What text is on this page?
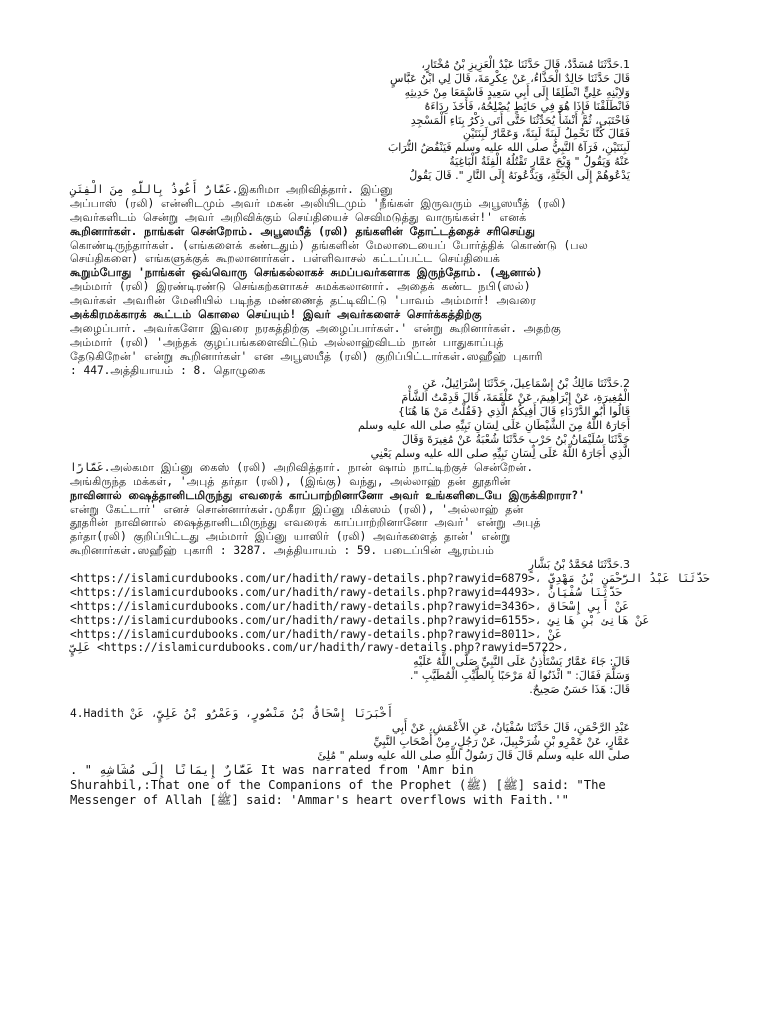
1.حَدَّثَنَا مُسَدَّدٌ، قَالَ حَدَّثَنَا عَبْدُ الْعَزِيزِ بْنُ مُخْتَارٍ،
قَالَ حَدَّثَنَا خَالِدٌ الْحَذَّاءُ، عَنْ عِكْرِمَةَ، قَالَ لِي ابْنُ عَبَّاسٍ
وَلاِبْنِهِ عَلِيٍّ انْطَلِقَا إِلَى أَبِي سَعِيدٍ فَاسْمَعَا مِنْ حَدِيثِهِ
فَانْطَلَقْنَا فَإِذَا هُوَ فِي حَائِطٍ يُصْلِحُهُ، فَأَخَذَ رِدَاءَهُ
فَاحْتَبَى، ثُمَّ أَنْشَأَ يُحَدِّثُنَا حَتَّى أَتَى ذِكْرُ بِنَاءِ الْمَسْجِدِ
فَقَالَ كُنَّا نَحْمِلُ لَبِنَةً لَبِنَةً، وَعَمَّارٌ لَبِنَتَيْنِ
لَبِنَتَيْنِ، فَرَآهُ النَّبِيُّ صلى الله عليه وسلم فَيَنْفُضُ التُّرَابَ
عَنْهُ وَيَقُولُ " وَيْحَ عَمَّارٍ تَقْتُلُهُ الْفِئَةُ الْبَاغِيَةُ
يَدْعُوهُمْ إِلَى الْجَنَّةِ، وَيَدْعُونَهُ إِلَى النَّارِ ". قَالَ يَقُولُ
عَمَّارٌ أَعُوذُ بِاللَّهِ مِنَ الْفِتَنِ.இகரிமா அறிவித்தார். இப்னு
அப்பாஸ் (ரலி) என்னிடமும் அவர் மகன் அலியிடமும் 'நீங்கள் இருவரும் அபூஸயீத் (ரலி)
அவர்களிடம் சென்று அவர் அறிவிக்கும் செய்தியைச் செவிமடுத்து வாருங்கள்!' எனக்
கூறினார்கள். நாங்கள் சென்றோம். அபூஸயீத் (ரலி) தங்களின் தோட்டத்தைச் சரிசெய்து
கொண்டிருந்தார்கள். (எங்களைக் கண்டதும்) தங்களின் மேலாடையைப் போர்த்திக் கொண்டு (பல
செய்திகளை) எங்களுக்குக் கூறலானார்கள். பள்ளிவாசல் கட்டப்பட்ட செய்தியைக்
கூறும்போது 'நாங்கள் ஒவ்வொரு செங்கல்லாகச் சுமப்பவர்களாக இருந்தோம். (ஆனால்)
அம்மார் (ரலி) இரண்டிரண்டு செங்கற்களாகச் சுமக்கலானார். அதைக் கண்ட நபி(ஸல்)
அவர்கள் அவரின் மேனியில் படிந்த மண்ணைத் தட்டிவிட்டு 'பாவம் அம்மார்! அவரை
அக்கிரமக்காரக் கூட்டம் கொலை செய்யும்! இவர் அவர்களைச் சொர்க்கத்திற்கு
அழைப்பார். அவர்களோ இவரை நரகத்திற்கு அழைப்பார்கள்.' என்று கூறினார்கள். அதற்கு
அம்மார் (ரலி) 'அந்தக் குழப்பங்களைவிட்டும் அல்லாஹ்விடம் நான் பாதுகாப்புத்
தேடுகிறேன்' என்று கூறினார்கள்' என அபூஸயீத் (ரலி) குறிப்பிட்டார்கள்.ஸஹீஹ் புகாரி
: 447.அத்தியாயம் : 8. தொழுகை
2.حَدَّثَنَا مَالِكُ بْنُ إِسْمَاعِيلَ، حَدَّثَنَا إِسْرَائِيلُ، عَنِ
الْمُغِيرَةِ، عَنْ إِبْرَاهِيمَ، عَنْ عَلْقَمَةَ، قَالَ قَدِمْتُ الشَّأْمَ
قَالُوا أَبُو الدَّرْدَاءِ قَالَ أَفِيكُمُ الَّذِي {فَقُلْتُ مَنْ هَا هُنَا}
أَجَارَهُ اللَّهُ مِنَ الشَّيْطَانِ عَلَى لِسَانِ نَبِيِّهِ صلى الله عليه وسلم
حَدَّثَنَا سُلَيْمَانُ بْنُ حَرْبٍ حَدَّثَنَا شُعْبَةُ عَنْ مُغِيرَةَ وَقَالَ
الَّذِي أَجَارَهُ اللَّهُ عَلَى لِسَانِ نَبِيِّهِ صلى الله عليه وسلم يَعْنِي
عَمَّارًا.அல்கமா இப்னு கைஸ் (ரலி) அறிவித்தார். நான் ஷாம் நாட்டிற்குச் சென்றேன்.
அங்கிருந்த மக்கள், 'அபுத் தர்தா (ரலி), (இங்கு) வந்து, அல்லாஹ் தன் தூதரின்
நாவினால் ஷைத்தானிடமிருந்து எவரைக் காப்பாற்றினானோ அவர் உங்களிடையே இருக்கிறாரா?'
என்று கேட்டார்' எனச் சொன்னார்கள்.முகீரா இப்னு மிக்ஸம் (ரலி), 'அல்லாஹ் தன்
தூதரின் நாவினால் ஷைத்தானிடமிருந்து எவரைக் காப்பாற்றினானோ அவர்' என்று அபுத்
தர்தா(ரலி) குறிப்பிட்டது அம்மார் இப்னு யாஸிர் (ரலி) அவர்களைத் தான்' என்று
கூறினார்கள்.ஸஹீஹ் புகாரி : 3287. அத்தியாயம் : 59. படைப்பின் ஆரம்பம்
3.حَدَّثَنَا مُحَمَّدُ بْنُ بَشَّارٍ
<https://islamicurdubooks.com/ur/hadith/rawy-details.php?rawyid=6879>، حَدَّثَنَا عَبْدُ الرَّحْمَنِ بْنُ مَهْدِيٍّ
<https://islamicurdubooks.com/ur/hadith/rawy-details.php?rawyid=4493>، حَدَّثَنَا سُفْيَانُ
<https://islamicurdubooks.com/ur/hadith/rawy-details.php?rawyid=3436>، عَنْ أَبِي إِسْحَاق
<https://islamicurdubooks.com/ur/hadith/rawy-details.php?rawyid=6155>، عَنْ هَانِئِ بْنِ هَانِئٍ
<https://islamicurdubooks.com/ur/hadith/rawy-details.php?rawyid=8011>، عَنْ
عَلِيٍّ <https://islamicurdubooks.com/ur/hadith/rawy-details.php?rawyid=5722>،
قَالَ: جَاءَ عَمَّارٌ يَسْتَأْذِنُ عَلَى النَّبِيِّ صَلَّى اللَّهُ عَلَيْهِ
وَسَلَّمَ فَقَالَ: " ائْذَنُوا لَهُ مَرْحَبًا بِالطَّيِّبِ الْمُطَيَّبِ ".
قَالَ: هَذَا حَسَنٌ صَحِيحٌ.
4.Hadith أَخْبَرَنَا إِسْحَاقُ بْنُ مَنْصُورٍ، وَعَمْرُو بْنُ عَلِيٍّ، عَنْ
عَبْدِ الرَّحْمَنِ، قَالَ حَدَّثَنَا سُفْيَانُ، عَنِ الأَعْمَشِ، عَنْ أَبِي
عَمَّارٍ، عَنْ عَمْرِو بْنِ شُرَحْبِيلَ، عَنْ رَجُلٍ، مِنْ أَصْحَابِ النَّبِيِّ
صلى الله عليه وسلم قَالَ قَالَ رَسُولُ اللَّهِ صلى الله عليه وسلم " مُلِئَ
. " عَمَّارٌ إِيمَانًا إِلَى مُشَاشِهِ It was narrated from 'Amr bin
Shurahbil,:That one of the Companions of the Prophet (ﷺ) [ﷺ] said: "The
Messenger of Allah [ﷺ] said: 'Ammar's heart overflows with Faith.'"
